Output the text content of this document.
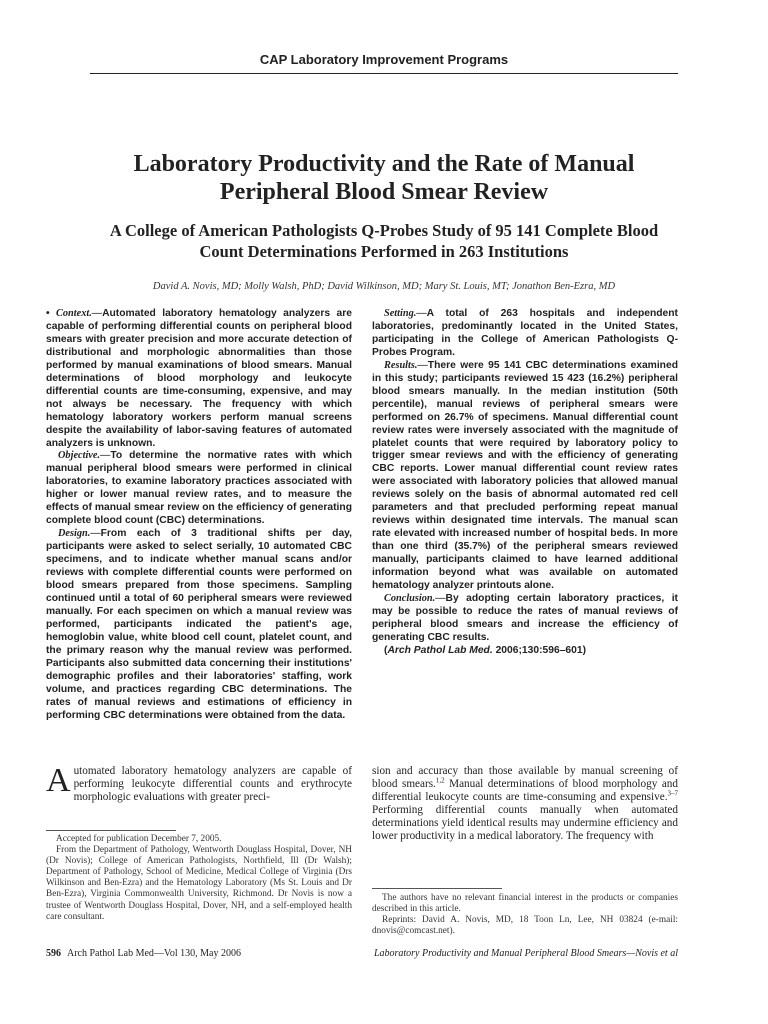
CAP Laboratory Improvement Programs
Laboratory Productivity and the Rate of Manual
Peripheral Blood Smear Review
A College of American Pathologists Q-Probes Study of 95 141 Complete Blood
Count Determinations Performed in 263 Institutions
David A. Novis, MD; Molly Walsh, PhD; David Wilkinson, MD; Mary St. Louis, MT; Jonathon Ben-Ezra, MD

• Context.—Automated laboratory hematology analyzers are capable of performing differential counts on peripheral blood smears with greater precision and more accurate detection of distributional and morphologic abnormalities than those performed by manual examinations of blood smears. Manual determinations of blood morphology and leukocyte differential counts are time-consuming, expensive, and may not always be necessary. The frequency with which hematology laboratory workers perform manual screens despite the availability of labor-saving features of automated analyzers is unknown.

Objective.—To determine the normative rates with which manual peripheral blood smears were performed in clinical laboratories, to examine laboratory practices associated with higher or lower manual review rates, and to measure the effects of manual smear review on the efficiency of generating complete blood count (CBC) determinations.

Design.—From each of 3 traditional shifts per day, participants were asked to select serially, 10 automated CBC specimens, and to indicate whether manual scans and/or reviews with complete differential counts were performed on blood smears prepared from those specimens. Sampling continued until a total of 60 peripheral smears were reviewed manually. For each specimen on which a manual review was performed, participants indicated the patient's age, hemoglobin value, white blood cell count, platelet count, and the primary reason why the manual review was performed. Participants also submitted data concerning their institutions' demographic profiles and their laboratories' staffing, work volume, and practices regarding CBC determinations. The rates of manual reviews and estimations of efficiency in performing CBC determinations were obtained from the data.

Setting.—A total of 263 hospitals and independent laboratories, predominantly located in the United States, participating in the College of American Pathologists Q-Probes Program.

Results.—There were 95 141 CBC determinations examined in this study; participants reviewed 15 423 (16.2%) peripheral blood smears manually. In the median institution (50th percentile), manual reviews of peripheral smears were performed on 26.7% of specimens. Manual differential count review rates were inversely associated with the magnitude of platelet counts that were required by laboratory policy to trigger smear reviews and with the efficiency of generating CBC reports. Lower manual differential count review rates were associated with laboratory policies that allowed manual reviews solely on the basis of abnormal automated red cell parameters and that precluded performing repeat manual reviews within designated time intervals. The manual scan rate elevated with increased number of hospital beds. In more than one third (35.7%) of the peripheral smears reviewed manually, participants claimed to have learned additional information beyond what was available on automated hematology analyzer printouts alone.

Conclusion.—By adopting certain laboratory practices, it may be possible to reduce the rates of manual reviews of peripheral blood smears and increase the efficiency of generating CBC results.

(Arch Pathol Lab Med. 2006;130:596–601)

Automated laboratory hematology analyzers are capable of performing leukocyte differential counts and erythrocyte morphologic evaluations with greater preci-

sion and accuracy than those available by manual screening of blood smears.$^{1,2}$ Manual determinations of blood morphology and differential leukocyte counts are time-consuming and expensive.$^{3-7}$ Performing differential counts manually when automated determinations yield identical results may undermine efficiency and lower productivity in a medical laboratory. The frequency with

Accepted for publication December 7, 2005.

From the Department of Pathology, Wentworth Douglass Hospital, Dover, NH (Dr Novis); College of American Pathologists, Northfield, Ill (Dr Walsh); Department of Pathology, School of Medicine, Medical College of Virginia (Drs Wilkinson and Ben-Ezra) and the Hematology Laboratory (Ms St. Louis and Dr Ben-Ezra), Virginia Commonwealth University, Richmond. Dr Novis is now a trustee of Wentworth Douglass Hospital, Dover, NH, and a self-employed health care consultant.

The authors have no relevant financial interest in the products or companies described in this article.

Reprints: David A. Novis, MD, 18 Toon Ln, Lee, NH 03824 (e-mail: dnovis@comcast.net).

596 Arch Pathol Lab Med—Vol 130, May 2006	Laboratory Productivity and Manual Peripheral Blood Smears—Novis et al
